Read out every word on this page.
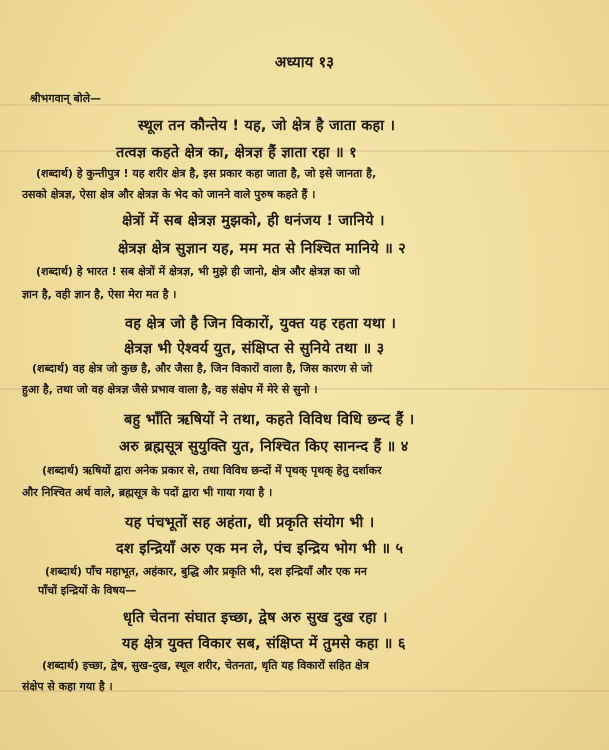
अध्याय १३
श्रीभगवान् बोले—
स्थूल तन कौन्तेय ! यह, जो क्षेत्र है जाता कहा ।
तत्वज्ञ कहते क्षेत्र का, क्षेत्रज्ञ हैं ज्ञाता रहा ॥ १
(शब्दार्थ) हे कुन्तीपुत्र ! यह शरीर क्षेत्र है, इस प्रकार कहा जाता है, जो इसे जानता है,
उसको क्षेत्रज्ञ, ऐसा क्षेत्र और क्षेत्रज्ञ के भेद को जानने वाले पुरुष कहते हैं ।
क्षेत्रों में सब क्षेत्रज्ञ मुझको, ही धनंजय ! जानिये ।
क्षेत्रज्ञ क्षेत्र सुज्ञान यह, मम मत से निश्चित मानिये ॥ २
(शब्दार्थ) हे भारत ! सब क्षेत्रों में क्षेत्रज्ञ, भी मुझे ही जानो, क्षेत्र और क्षेत्रज्ञ का जो
ज्ञान है, वही ज्ञान है, ऐसा मेरा मत है ।
वह क्षेत्र जो है जिन विकारों, युक्त यह रहता यथा ।
क्षेत्रज्ञ भी ऐश्वर्य युत, संक्षिप्त से सुनिये तथा ॥ ३
(शब्दार्थ) वह क्षेत्र जो कुछ है, और जैसा है, जिन विकारों वाला है, जिस कारण से जो
हुआ है, तथा जो वह क्षेत्रज्ञ जैसे प्रभाव वाला है, वह संक्षेप में मेरे से सुनो ।
बहु भाँति ऋषियों ने तथा, कहते विविध विधि छन्द हैं ।
अरु ब्रह्मसूत्र सुयुक्ति युत, निश्चित किए सानन्द हैं ॥ ४
(शब्दार्थ) ऋषियों द्वारा अनेक प्रकार से, तथा विविध छन्दों में पृथक् पृथक् हेतु दर्शाकर
और निश्चित अर्थ वाले, ब्रह्मसूत्र के पदों द्वारा भी गाया गया है ।
यह पंचभूतों सह अहंता, धी प्रकृति संयोग भी ।
दश इन्द्रियाँ अरु एक मन ले, पंच इन्द्रिय भोग भी ॥ ५
(शब्दार्थ) पाँच महाभूत, अहंकार, बुद्धि और प्रकृति भी, दश इन्द्रियाँ और एक मन
पाँचों इन्द्रियों के विषय—
धृति चेतना संघात इच्छा, द्वेष अरु सुख दुख रहा ।
यह क्षेत्र युक्त विकार सब, संक्षिप्त में तुमसे कहा ॥ ६
(शब्दार्थ) इच्छा, द्वेष, सुख-दुख, स्थूल शरीर, चेतनता, धृति यह विकारों सहित क्षेत्र
संक्षेप से कहा गया है ।
